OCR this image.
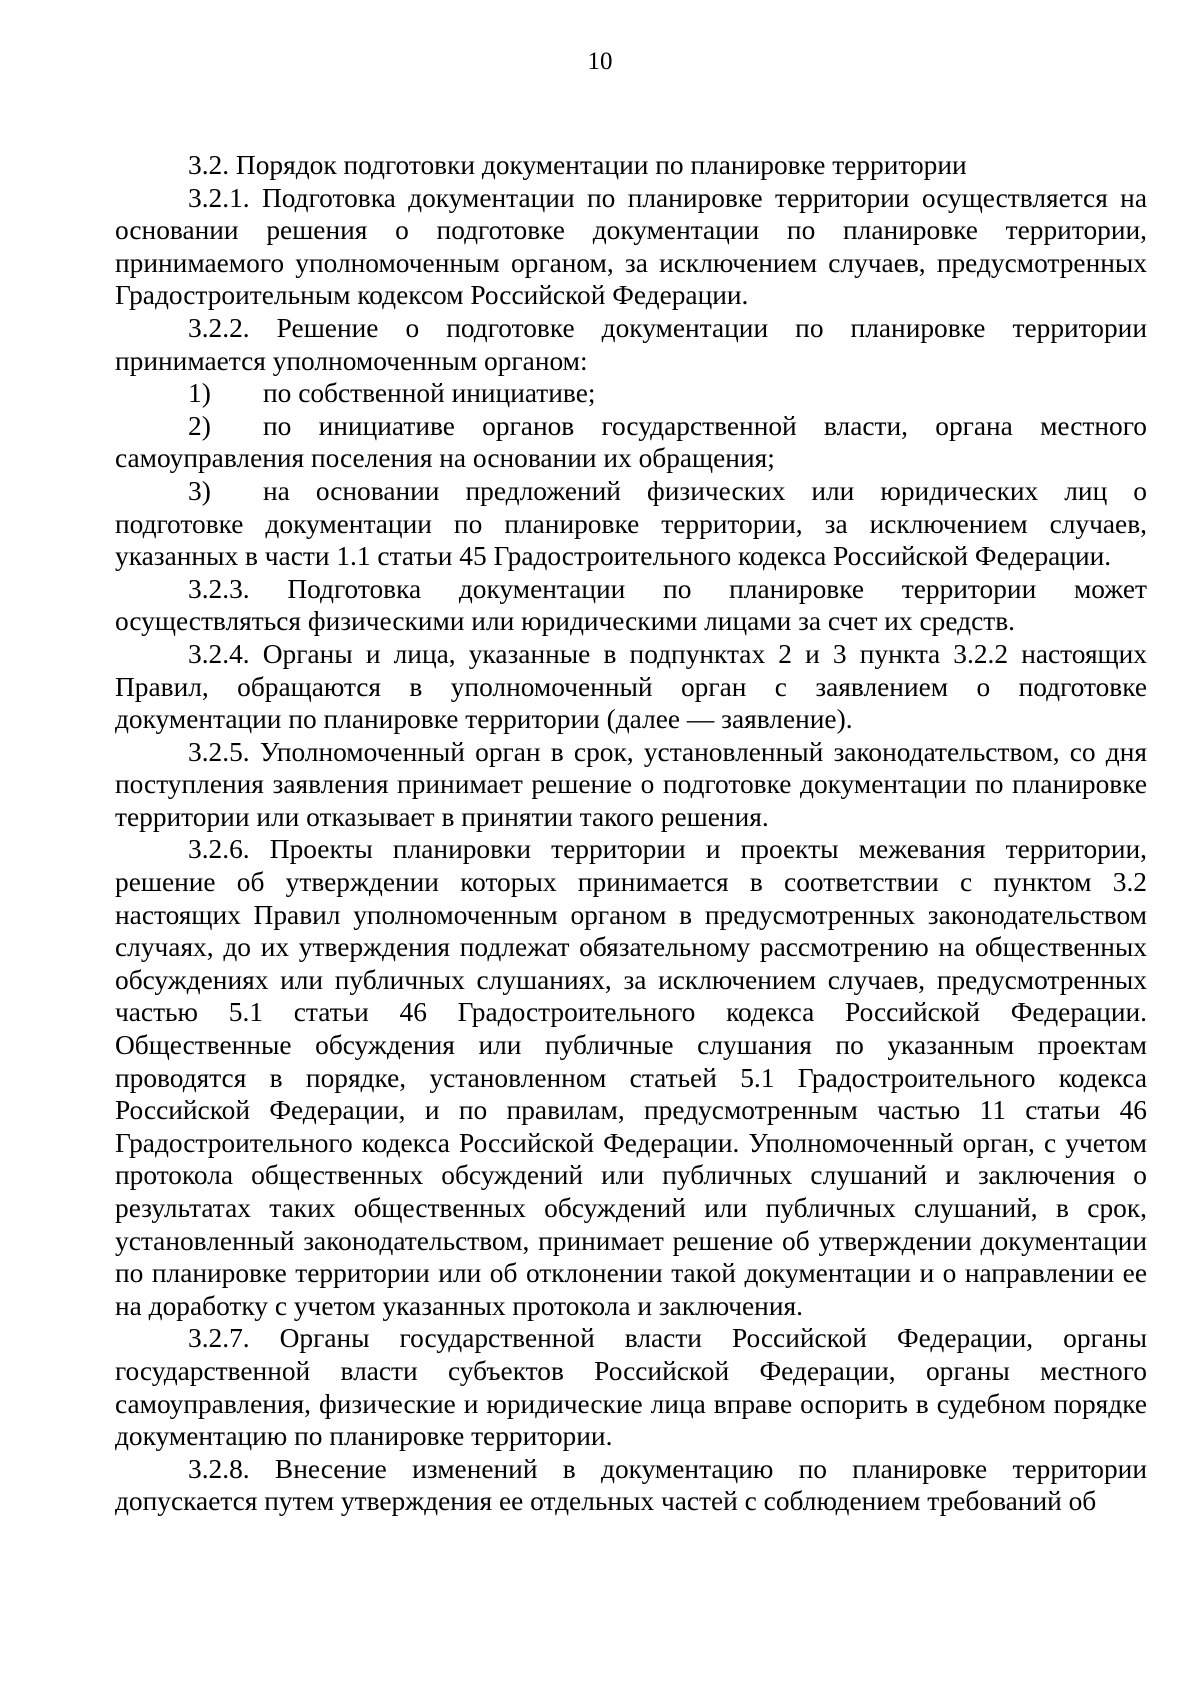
10

3.2. Порядок подготовки документации по планировке территории

3.2.1. Подготовка документации по планировке территории осуществляется на основании решения о подготовке документации по планировке территории, принимаемого уполномоченным органом, за исключением случаев, предусмотренных Градостроительным кодексом Российской Федерации.

3.2.2. Решение о подготовке документации по планировке территории принимается уполномоченным органом:

1) по собственной инициативе;

2) по инициативе органов государственной власти, органа местного самоуправления поселения на основании их обращения;

3) на основании предложений физических или юридических лиц о подготовке документации по планировке территории, за исключением случаев, указанных в части 1.1 статьи 45 Градостроительного кодекса Российской Федерации.

3.2.3. Подготовка документации по планировке территории может осуществляться физическими или юридическими лицами за счет их средств.

3.2.4. Органы и лица, указанные в подпунктах 2 и 3 пункта 3.2.2 настоящих Правил, обращаются в уполномоченный орган с заявлением о подготовке документации по планировке территории (далее — заявление).

3.2.5. Уполномоченный орган в срок, установленный законодательством, со дня поступления заявления принимает решение о подготовке документации по планировке территории или отказывает в принятии такого решения.

3.2.6. Проекты планировки территории и проекты межевания территории, решение об утверждении которых принимается в соответствии с пунктом 3.2 настоящих Правил уполномоченным органом в предусмотренных законодательством случаях, до их утверждения подлежат обязательному рассмотрению на общественных обсуждениях или публичных слушаниях, за исключением случаев, предусмотренных частью 5.1 статьи 46 Градостроительного кодекса Российской Федерации. Общественные обсуждения или публичные слушания по указанным проектам проводятся в порядке, установленном статьей 5.1 Градостроительного кодекса Российской Федерации, и по правилам, предусмотренным частью 11 статьи 46 Градостроительного кодекса Российской Федерации. Уполномоченный орган, с учетом протокола общественных обсуждений или публичных слушаний и заключения о результатах таких общественных обсуждений или публичных слушаний, в срок, установленный законодательством, принимает решение об утверждении документации по планировке территории или об отклонении такой документации и о направлении ее на доработку с учетом указанных протокола и заключения.

3.2.7. Органы государственной власти Российской Федерации, органы государственной власти субъектов Российской Федерации, органы местного самоуправления, физические и юридические лица вправе оспорить в судебном порядке документацию по планировке территории.

3.2.8. Внесение изменений в документацию по планировке территории допускается путем утверждения ее отдельных частей с соблюдением требований об
